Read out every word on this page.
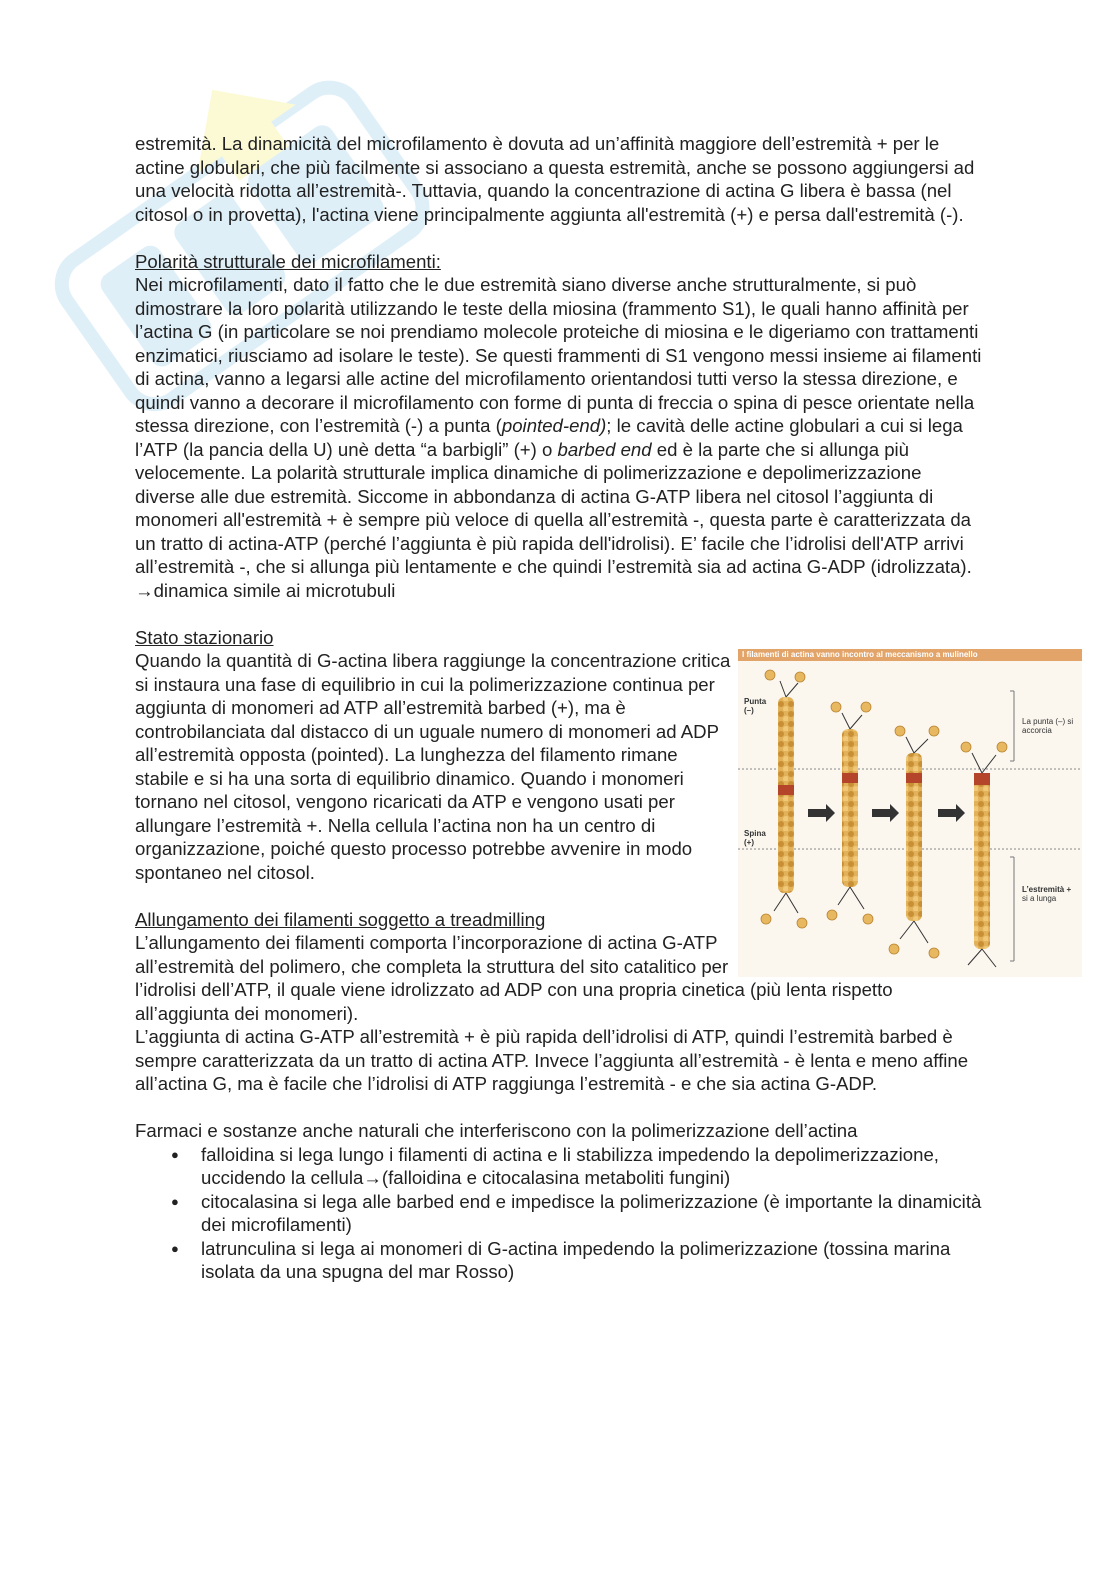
estremità. La dinamicità del microfilamento è dovuta ad un’affinità maggiore dell’estremità + per le actine globulari, che più facilmente si associano a questa estremità, anche se possono aggiungersi ad una velocità ridotta all’estremità-. Tuttavia, quando la concentrazione di actina G libera è bassa (nel citosol o in provetta), l'actina viene principalmente aggiunta all'estremità (+) e persa dall'estremità (-).

Polarità strutturale dei microfilamenti:

Nei microfilamenti, dato il fatto che le due estremità siano diverse anche strutturalmente, si può dimostrare la loro polarità utilizzando le teste della miosina (frammento S1), le quali hanno affinità per l’actina G (in particolare se noi prendiamo molecole proteiche di miosina e le digeriamo con trattamenti enzimatici, riusciamo ad isolare le teste). Se questi frammenti di S1 vengono messi insieme ai filamenti di actina, vanno a legarsi alle actine del microfilamento orientandosi tutti verso la stessa direzione, e quindi vanno a decorare il microfilamento con forme di punta di freccia o spina di pesce orientate nella stessa direzione, con l’estremità (-) a punta (pointed-end); le cavità delle actine globulari a cui si lega l’ATP (la pancia della U) unè detta “a barbigli” (+) o barbed end ed è la parte che si allunga più velocemente. La polarità strutturale implica dinamiche di polimerizzazione e depolimerizzazione diverse alle due estremità. Siccome in abbondanza di actina G-ATP libera nel citosol l’aggiunta di monomeri all'estremità + è sempre più veloce di quella all’estremità -, questa parte è caratterizzata da un tratto di actina-ATP (perché l’aggiunta è più rapida dell'idrolisi). E’ facile che l’idrolisi dell'ATP arrivi all’estremità -, che si allunga più lentamente e che quindi l’estremità sia ad actina G-ADP (idrolizzata). →dinamica simile ai microtubuli

Stato stazionario

I filamenti di actina vanno incontro al meccanismo a mulinello
Punta
(–)
Spina
(+)
La punta (–) si accorcia
L’estremità +
si a lunga
Quando la quantità di G-actina libera raggiunge la concentrazione critica si instaura una fase di equilibrio in cui la polimerizzazione continua per aggiunta di monomeri ad ATP all’estremità barbed (+), ma è controbilanciata dal distacco di un uguale numero di monomeri ad ADP all’estremità opposta (pointed). La lunghezza del filamento rimane stabile e si ha una sorta di equilibrio dinamico. Quando i monomeri tornano nel citosol, vengono ricaricati da ATP e vengono usati per allungare l’estremità +. Nella cellula l’actina non ha un centro di organizzazione, poiché questo processo potrebbe avvenire in modo spontaneo nel citosol.

Allungamento dei filamenti soggetto a treadmilling

L’allungamento dei filamenti comporta l’incorporazione di actina G-ATP all’estremità del polimero, che completa la struttura del sito catalitico per l’idrolisi dell’ATP, il quale viene idrolizzato ad ADP con una propria cinetica (più lenta rispetto all’aggiunta dei monomeri).

L’aggiunta di actina G-ATP all’estremità + è più rapida dell’idrolisi di ATP, quindi l’estremità barbed è sempre caratterizzata da un tratto di actina ATP. Invece l’aggiunta all’estremità - è lenta e meno affine all’actina G, ma è facile che l’idrolisi di ATP raggiunga l’estremità - e che sia actina G-ADP.

Farmaci e sostanze anche naturali che interferiscono con la polimerizzazione dell’actina

● falloidina si lega lungo i filamenti di actina e li stabilizza impedendo la depolimerizzazione, uccidendo la cellula→(falloidina e citocalasina metaboliti fungini)
● citocalasina si lega alle barbed end e impedisce la polimerizzazione (è importante la dinamicità dei microfilamenti)
● latrunculina si lega ai monomeri di G-actina impedendo la polimerizzazione (tossina marina isolata da una spugna del mar Rosso)
